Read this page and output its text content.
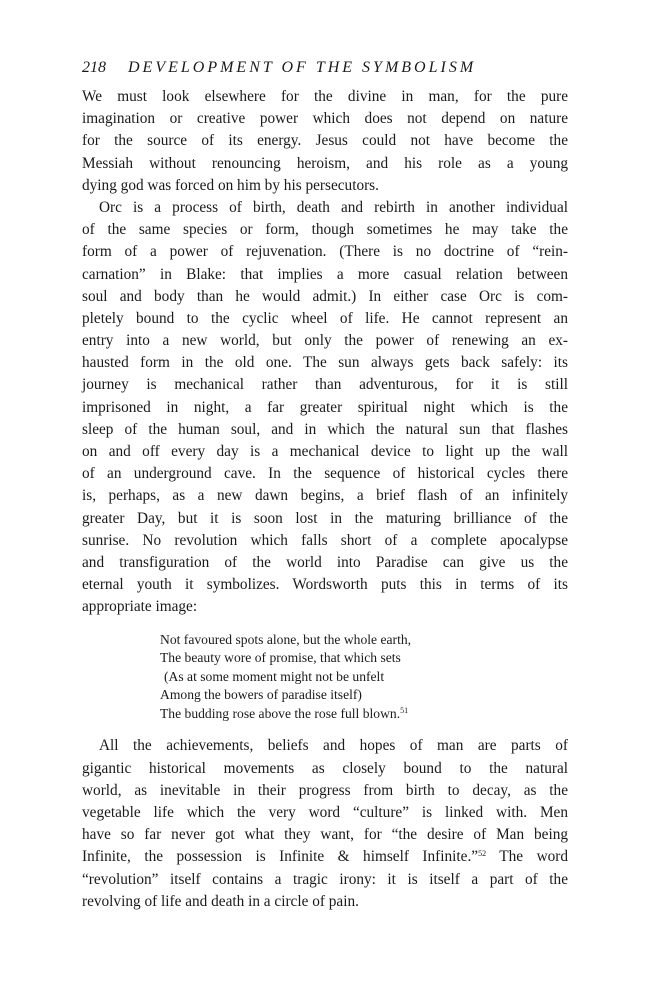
218 DEVELOPMENT OF THE SYMBOLISM
We must look elsewhere for the divine in man, for the pure
imagination or creative power which does not depend on nature
for the source of its energy. Jesus could not have become the
Messiah without renouncing heroism, and his role as a young
dying god was forced on him by his persecutors.
Orc is a process of birth, death and rebirth in another individual
of the same species or form, though sometimes he may take the
form of a power of rejuvenation. (There is no doctrine of “rein-
carnation” in Blake: that implies a more casual relation between
soul and body than he would admit.) In either case Orc is com-
pletely bound to the cyclic wheel of life. He cannot represent an
entry into a new world, but only the power of renewing an ex-
hausted form in the old one. The sun always gets back safely: its
journey is mechanical rather than adventurous, for it is still
imprisoned in night, a far greater spiritual night which is the
sleep of the human soul, and in which the natural sun that flashes
on and off every day is a mechanical device to light up the wall
of an underground cave. In the sequence of historical cycles there
is, perhaps, as a new dawn begins, a brief flash of an infinitely
greater Day, but it is soon lost in the maturing brilliance of the
sunrise. No revolution which falls short of a complete apocalypse
and transfiguration of the world into Paradise can give us the
eternal youth it symbolizes. Wordsworth puts this in terms of its
appropriate image:
Not favoured spots alone, but the whole earth,
The beauty wore of promise, that which sets
(As at some moment might not be unfelt
Among the bowers of paradise itself)
The budding rose above the rose full blown.$^{51}$
All the achievements, beliefs and hopes of man are parts of
gigantic historical movements as closely bound to the natural
world, as inevitable in their progress from birth to decay, as the
vegetable life which the very word “culture” is linked with. Men
have so far never got what they want, for “the desire of Man being
Infinite, the possession is Infinite & himself Infinite.”$^{52}$ The word
“revolution” itself contains a tragic irony: it is itself a part of the
revolving of life and death in a circle of pain.
